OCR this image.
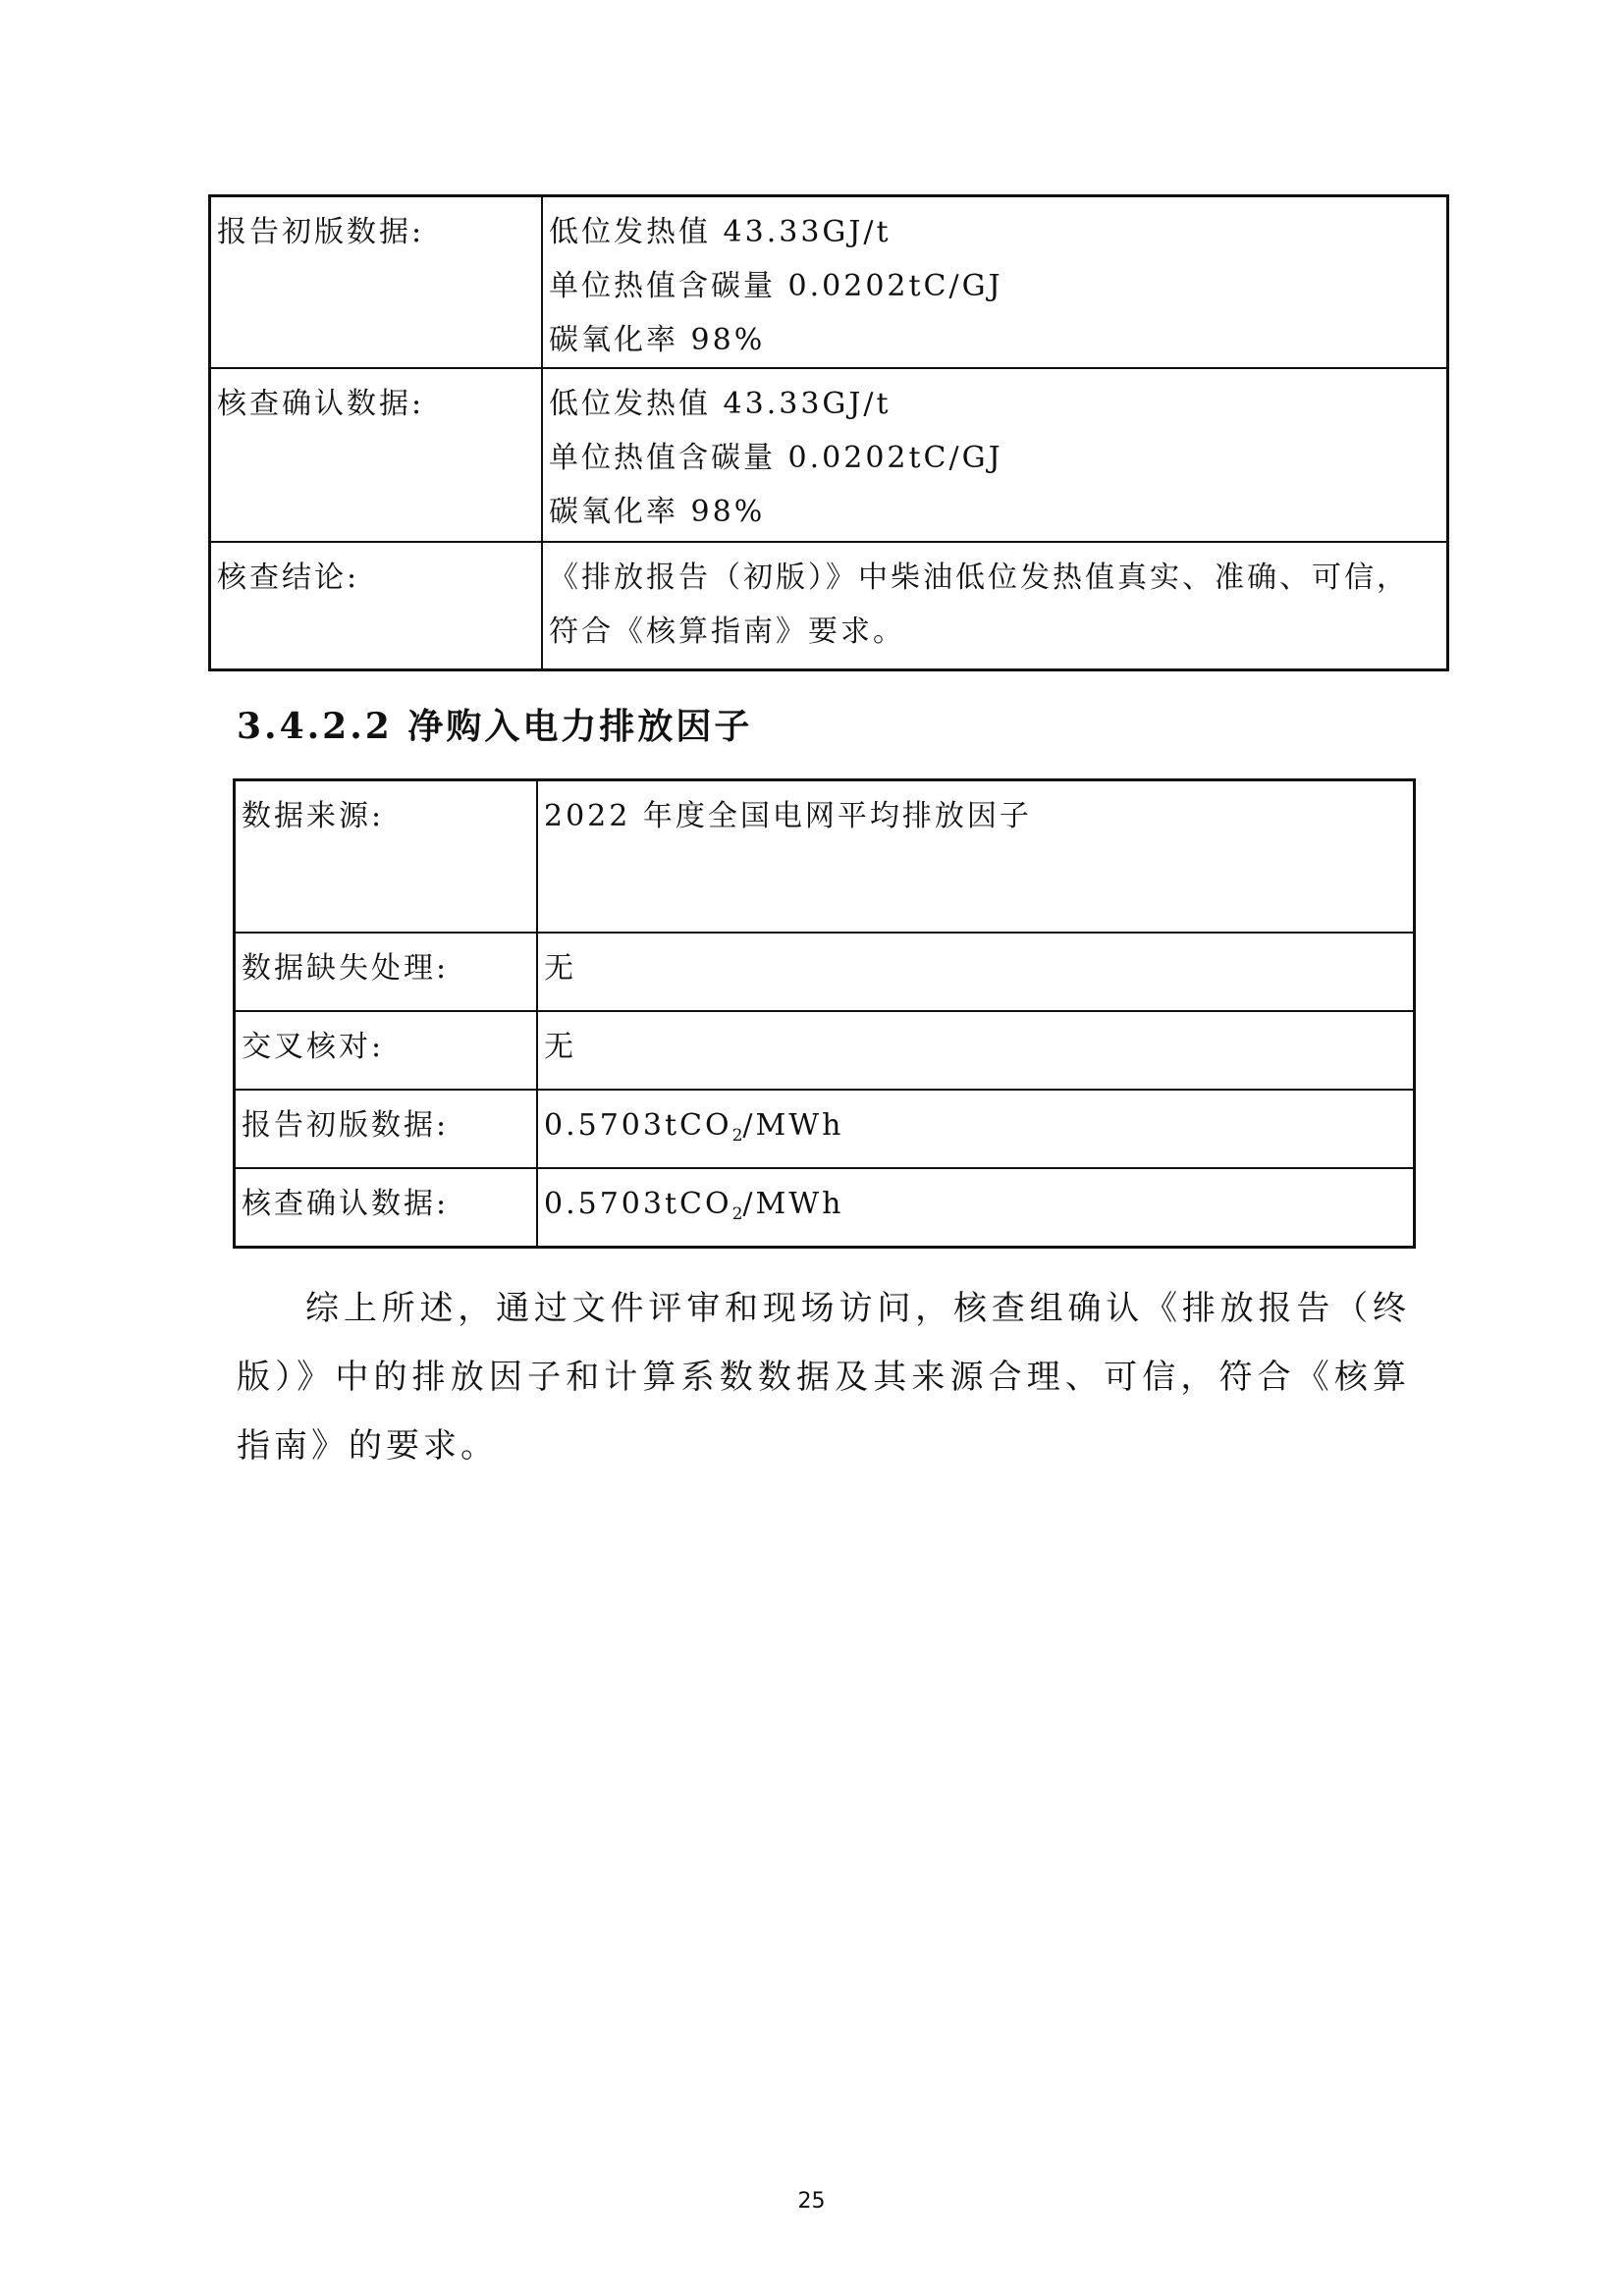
报告初版数据:	低位发热值 43.33GJ/t
单位热值含碳量 0.0202tC/GJ
碳氧化率 98%

核查确认数据:	低位发热值 43.33GJ/t
单位热值含碳量 0.0202tC/GJ
碳氧化率 98%

核查结论:	《排放报告（初版）》中柴油低位发热值真实、准确、可信，
符合《核算指南》要求。
3.4.2.2 净购入电力排放因子
数据来源:	2022 年度全国电网平均排放因子
数据缺失处理:	无
交叉核对:	无
报告初版数据:	0.5703tCO$_2$/MWh
核查确认数据:	0.5703tCO$_2$/MWh

综上所述，通过文件评审和现场访问，核查组确认《排放报告（终版）》中的排放因子和计算系数数据及其来源合理、可信，符合《核算指南》的要求。

25
